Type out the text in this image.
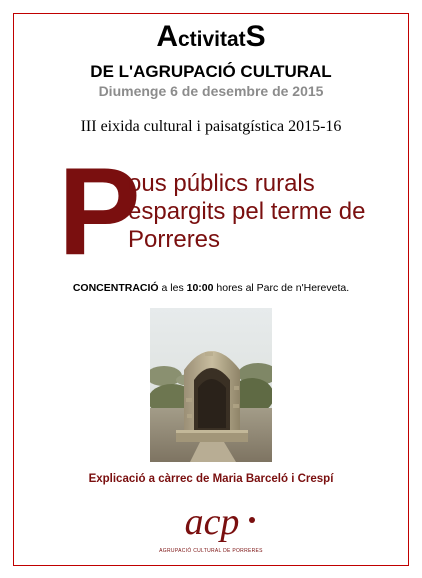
ActivitatS
DE L'AGRUPACIÓ CULTURAL
Diumenge 6 de desembre de 2015
III eixida cultural i paisatgística 2015-16
P
ous públics rurals
espargits pel terme de
Porreres
CONCENTRACIÓ a les 10:00 hores al Parc de n'Hereveta.
Explicació a càrrec de Maria Barceló i Crespí
acp
AGRUPACIÓ CULTURAL DE PORRERES
